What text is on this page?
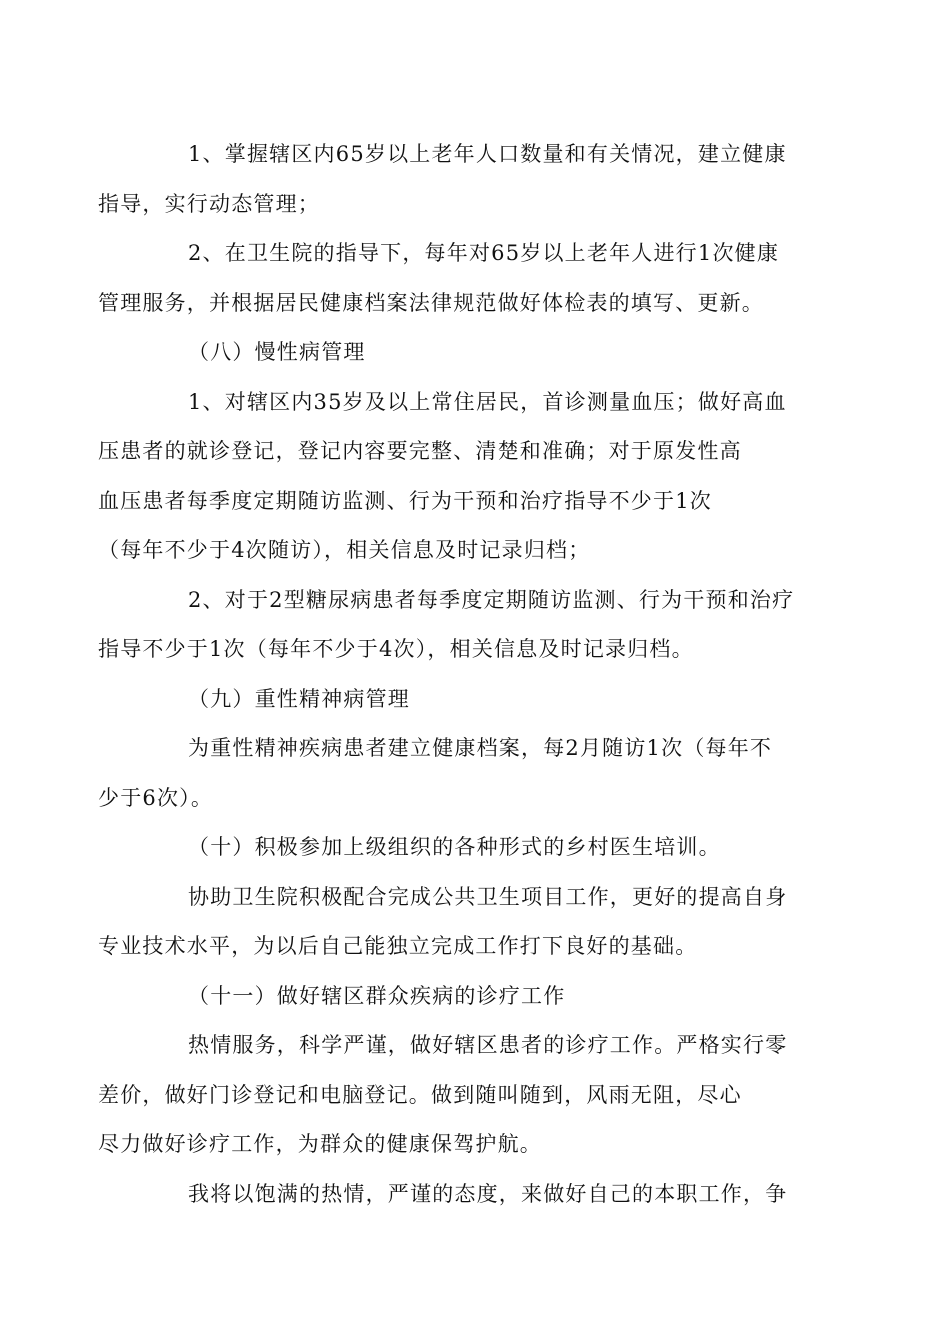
1、掌握辖区内65岁以上老年人口数量和有关情况，建立健康
指导，实行动态管理；

2、在卫生院的指导下，每年对65岁以上老年人进行1次健康
管理服务，并根据居民健康档案法律规范做好体检表的填写、更新。

（八）慢性病管理

1、对辖区内35岁及以上常住居民，首诊测量血压；做好高血
压患者的就诊登记，登记内容要完整、清楚和准确；对于原发性高
血压患者每季度定期随访监测、行为干预和治疗指导不少于1次
（每年不少于4次随访），相关信息及时记录归档；

2、对于2型糖尿病患者每季度定期随访监测、行为干预和治疗
指导不少于1次（每年不少于4次），相关信息及时记录归档。

（九）重性精神病管理

为重性精神疾病患者建立健康档案，每2月随访1次（每年不
少于6次）。

（十）积极参加上级组织的各种形式的乡村医生培训。

协助卫生院积极配合完成公共卫生项目工作，更好的提高自身
专业技术水平，为以后自己能独立完成工作打下良好的基础。

（十一）做好辖区群众疾病的诊疗工作

热情服务，科学严谨，做好辖区患者的诊疗工作。严格实行零
差价，做好门诊登记和电脑登记。做到随叫随到，风雨无阻，尽心
尽力做好诊疗工作，为群众的健康保驾护航。

我将以饱满的热情，严谨的态度，来做好自己的本职工作，争
